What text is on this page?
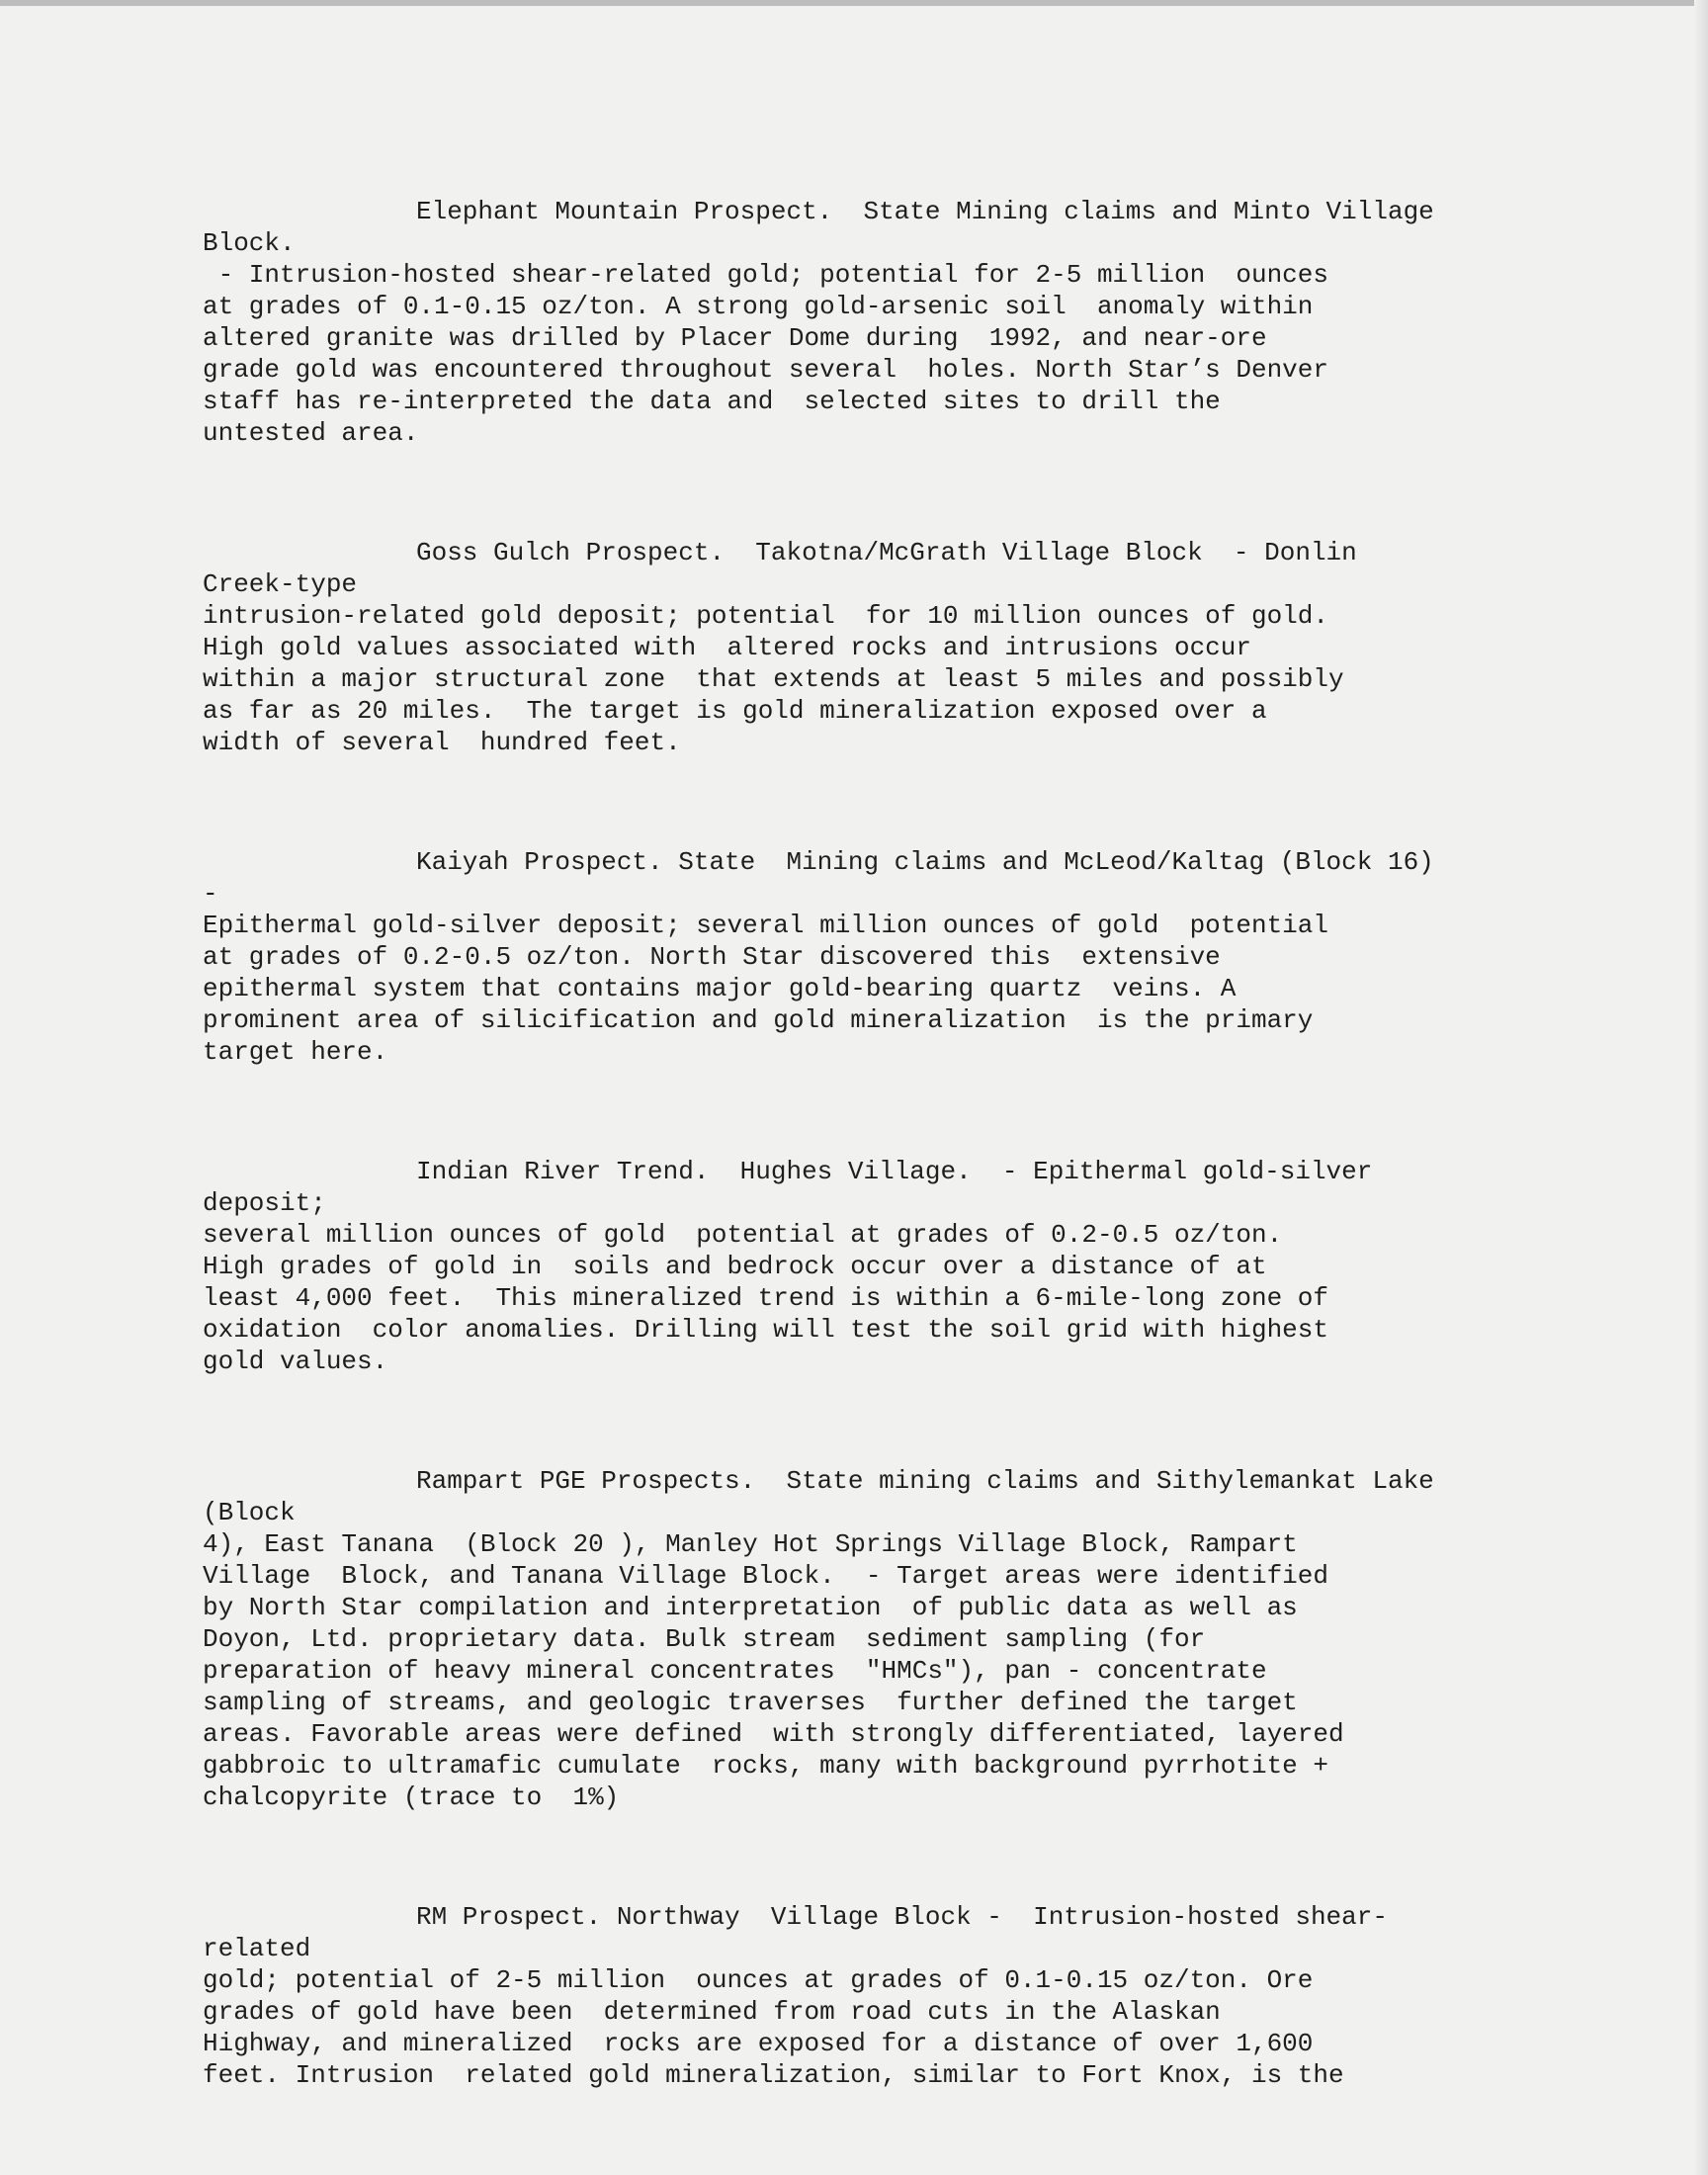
Elephant Mountain Prospect.  State Mining claims and Minto Village
Block.
- Intrusion-hosted shear-related gold; potential for 2-5 million  ounces
at grades of 0.1-0.15 oz/ton. A strong gold-arsenic soil  anomaly within
altered granite was drilled by Placer Dome during  1992, and near-ore
grade gold was encountered throughout several  holes. North Star’s Denver
staff has re-interpreted the data and  selected sites to drill the
untested area.
Goss Gulch Prospect.  Takotna/McGrath Village Block  - Donlin
Creek-type
intrusion-related gold deposit; potential  for 10 million ounces of gold.
High gold values associated with  altered rocks and intrusions occur
within a major structural zone  that extends at least 5 miles and possibly
as far as 20 miles.  The target is gold mineralization exposed over a
width of several  hundred feet.
Kaiyah Prospect. State  Mining claims and McLeod/Kaltag (Block 16)
-
Epithermal gold-silver deposit; several million ounces of gold  potential
at grades of 0.2-0.5 oz/ton. North Star discovered this  extensive
epithermal system that contains major gold-bearing quartz  veins. A
prominent area of silicification and gold mineralization  is the primary
target here.
Indian River Trend.  Hughes Village.  - Epithermal gold-silver
deposit;
several million ounces of gold  potential at grades of 0.2-0.5 oz/ton.
High grades of gold in  soils and bedrock occur over a distance of at
least 4,000 feet.  This mineralized trend is within a 6-mile-long zone of
oxidation  color anomalies. Drilling will test the soil grid with highest
gold values.
Rampart PGE Prospects.  State mining claims and Sithylemankat Lake
(Block
4), East Tanana  (Block 20 ), Manley Hot Springs Village Block, Rampart
Village  Block, and Tanana Village Block.  - Target areas were identified
by North Star compilation and interpretation  of public data as well as
Doyon, Ltd. proprietary data. Bulk stream  sediment sampling (for
preparation of heavy mineral concentrates  "HMCs"), pan - concentrate
sampling of streams, and geologic traverses  further defined the target
areas. Favorable areas were defined  with strongly differentiated, layered
gabbroic to ultramafic cumulate  rocks, many with background pyrrhotite +
chalcopyrite (trace to  1%)
RM Prospect. Northway  Village Block -  Intrusion-hosted shear-
related
gold; potential of 2-5 million  ounces at grades of 0.1-0.15 oz/ton. Ore
grades of gold have been  determined from road cuts in the Alaskan
Highway, and mineralized  rocks are exposed for a distance of over 1,600
feet. Intrusion  related gold mineralization, similar to Fort Knox, is the
